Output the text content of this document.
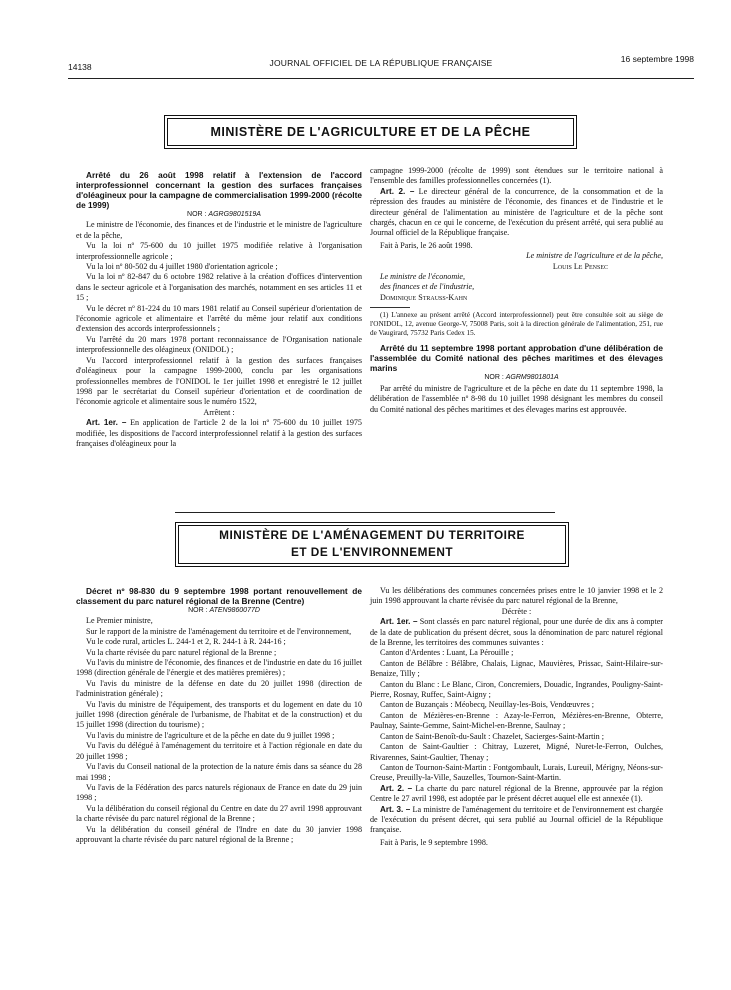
14138	JOURNAL OFFICIEL DE LA RÉPUBLIQUE FRANÇAISE	16 septembre 1998
MINISTÈRE DE L'AGRICULTURE ET DE LA PÊCHE

Arrêté du 26 août 1998 relatif à l'extension de l'accord interprofessionnel concernant la gestion des surfaces françaises d'oléagineux pour la campagne de commercialisation 1999-2000 (récolte de 1999)

NOR : AGRG9801519A

Le ministre de l'économie, des finances et de l'industrie et le ministre de l'agriculture et de la pêche,

Vu la loi nº 75-600 du 10 juillet 1975 modifiée relative à l'organisation interprofessionnelle agricole ;

Vu la loi nº 80-502 du 4 juillet 1980 d'orientation agricole ;

Vu la loi nº 82-847 du 6 octobre 1982 relative à la création d'offices d'intervention dans le secteur agricole et à l'organisation des marchés, notamment en ses articles 11 et 15 ;

Vu le décret nº 81-224 du 10 mars 1981 relatif au Conseil supérieur d'orientation de l'économie agricole et alimentaire et l'arrêté du même jour relatif aux conditions d'extension des accords interprofessionnels ;

Vu l'arrêté du 20 mars 1978 portant reconnaissance de l'Organisation nationale interprofessionnelle des oléagineux (ONIDOL) ;

Vu l'accord interprofessionnel relatif à la gestion des surfaces françaises d'oléagineux pour la campagne 1999-2000, conclu par les organisations professionnelles membres de l'ONIDOL le 1er juillet 1998 et enregistré le 12 juillet 1998 par le secrétariat du Conseil supérieur d'orientation et de coordination de l'économie agricole et alimentaire sous le numéro 1522,

Arrêtent :

Art. 1er. – En application de l'article 2 de la loi nº 75-600 du 10 juillet 1975 modifiée, les dispositions de l'accord interprofessionnel relatif à la gestion des surfaces françaises d'oléagineux pour la

campagne 1999-2000 (récolte de 1999) sont étendues sur le territoire national à l'ensemble des familles professionnelles concernées (1).

Art. 2. – Le directeur général de la concurrence, de la consommation et de la répression des fraudes au ministère de l'économie, des finances et de l'industrie et le directeur général de l'alimentation au ministère de l'agriculture et de la pêche sont chargés, chacun en ce qui le concerne, de l'exécution du présent arrêté, qui sera publié au Journal officiel de la République française.

Fait à Paris, le 26 août 1998.

Le ministre de l'agriculture et de la pêche,

Louis Le Pensec

Le ministre de l'économie,

des finances et de l'industrie,

Dominique Strauss-Kahn

(1) L'annexe au présent arrêté (Accord interprofessionnel) peut être consultée soit au siège de l'ONIDOL, 12, avenue George-V, 75008 Paris, soit à la direction générale de l'alimentation, 251, rue de Vaugirard, 75732 Paris Cedex 15.

Arrêté du 11 septembre 1998 portant approbation d'une délibération de l'assemblée du Comité national des pêches maritimes et des élevages marins

NOR : AGRM9801801A

Par arrêté du ministre de l'agriculture et de la pêche en date du 11 septembre 1998, la délibération de l'assemblée nº 8-98 du 10 juillet 1998 désignant les membres du conseil du Comité national des pêches maritimes et des élevages marins est approuvée.

MINISTÈRE DE L'AMÉNAGEMENT DU TERRITOIRE
ET DE L'ENVIRONNEMENT

Décret nº 98-830 du 9 septembre 1998 portant renouvellement de classement du parc naturel régional de la Brenne (Centre)

NOR : ATEN9860077D

Le Premier ministre,

Sur le rapport de la ministre de l'aménagement du territoire et de l'environnement,

Vu le code rural, articles L. 244-1 et 2, R. 244-1 à R. 244-16 ;

Vu la charte révisée du parc naturel régional de la Brenne ;

Vu l'avis du ministre de l'économie, des finances et de l'industrie en date du 16 juillet 1998 (direction générale de l'énergie et des matières premières) ;

Vu l'avis du ministre de la défense en date du 20 juillet 1998 (direction de l'administration générale) ;

Vu l'avis du ministre de l'équipement, des transports et du logement en date du 10 juillet 1998 (direction générale de l'urbanisme, de l'habitat et de la construction) et du 15 juillet 1998 (direction du tourisme) ;

Vu l'avis du ministre de l'agriculture et de la pêche en date du 9 juillet 1998 ;

Vu l'avis du délégué à l'aménagement du territoire et à l'action régionale en date du 20 juillet 1998 ;

Vu l'avis du Conseil national de la protection de la nature émis dans sa séance du 28 mai 1998 ;

Vu l'avis de la Fédération des parcs naturels régionaux de France en date du 29 juin 1998 ;

Vu la délibération du conseil régional du Centre en date du 27 avril 1998 approuvant la charte révisée du parc naturel régional de la Brenne ;

Vu la délibération du conseil général de l'Indre en date du 30 janvier 1998 approuvant la charte révisée du parc naturel régional de la Brenne ;

Vu les délibérations des communes concernées prises entre le 10 janvier 1998 et le 2 juin 1998 approuvant la charte révisée du parc naturel régional de la Brenne,

Décrète :

Art. 1er. – Sont classés en parc naturel régional, pour une durée de dix ans à compter de la date de publication du présent décret, sous la dénomination de parc naturel régional de la Brenne, les territoires des communes suivantes :

Canton d'Ardentes : Luant, La Pérouille ;

Canton de Bélâbre : Bélâbre, Chalais, Lignac, Mauvières, Prissac, Saint-Hilaire-sur-Benaize, Tilly ;

Canton du Blanc : Le Blanc, Ciron, Concremiers, Douadic, Ingrandes, Pouligny-Saint-Pierre, Rosnay, Ruffec, Saint-Aigny ;

Canton de Buzançais : Méobecq, Neuillay-les-Bois, Vendœuvres ;

Canton de Mézières-en-Brenne : Azay-le-Ferron, Mézières-en-Brenne, Obterre, Paulnay, Sainte-Gemme, Saint-Michel-en-Brenne, Saulnay ;

Canton de Saint-Benoît-du-Sault : Chazelet, Sacierges-Saint-Martin ;

Canton de Saint-Gaultier : Chitray, Luzeret, Migné, Nuret-le-Ferron, Oulches, Rivarennes, Saint-Gaultier, Thenay ;

Canton de Tournon-Saint-Martin : Fontgombault, Lurais, Lureuil, Mérigny, Néons-sur-Creuse, Preuilly-la-Ville, Sauzelles, Tournon-Saint-Martin.

Art. 2. – La charte du parc naturel régional de la Brenne, approuvée par la région Centre le 27 avril 1998, est adoptée par le présent décret auquel elle est annexée (1).

Art. 3. – La ministre de l'aménagement du territoire et de l'environnement est chargée de l'exécution du présent décret, qui sera publié au Journal officiel de la République française.

Fait à Paris, le 9 septembre 1998.
